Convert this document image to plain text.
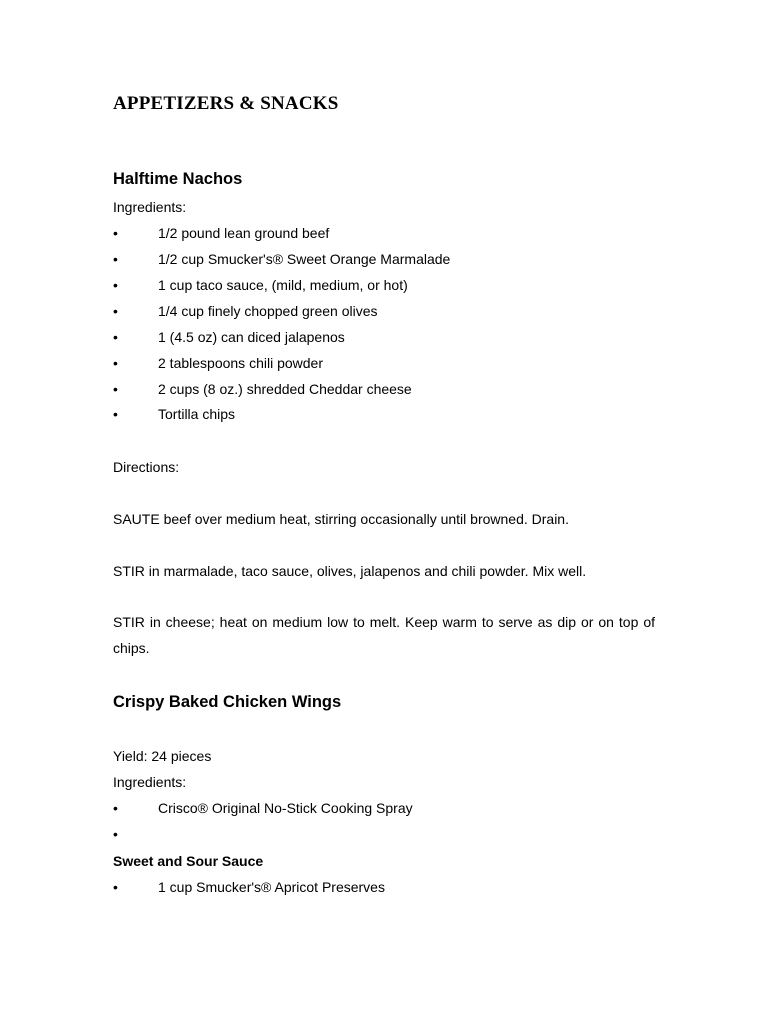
APPETIZERS & SNACKS
Halftime Nachos

Ingredients:

•	1/2 pound lean ground beef
•	1/2 cup Smucker's® Sweet Orange Marmalade
•	1 cup taco sauce, (mild, medium, or hot)
•	1/4 cup finely chopped green olives
•	1 (4.5 oz) can diced jalapenos
•	2 tablespoons chili powder
•	2 cups (8 oz.) shredded Cheddar cheese
•	Tortilla chips

Directions:

SAUTE beef over medium heat, stirring occasionally until browned. Drain.

STIR in marmalade, taco sauce, olives, jalapenos and chili powder. Mix well.

STIR in cheese; heat on medium low to melt. Keep warm to serve as dip or on top of chips.

Crispy Baked Chicken Wings

Yield: 24 pieces

Ingredients:

•	Crisco® Original No-Stick Cooking Spray
•

Sweet and Sour Sauce

•	1 cup Smucker's® Apricot Preserves
